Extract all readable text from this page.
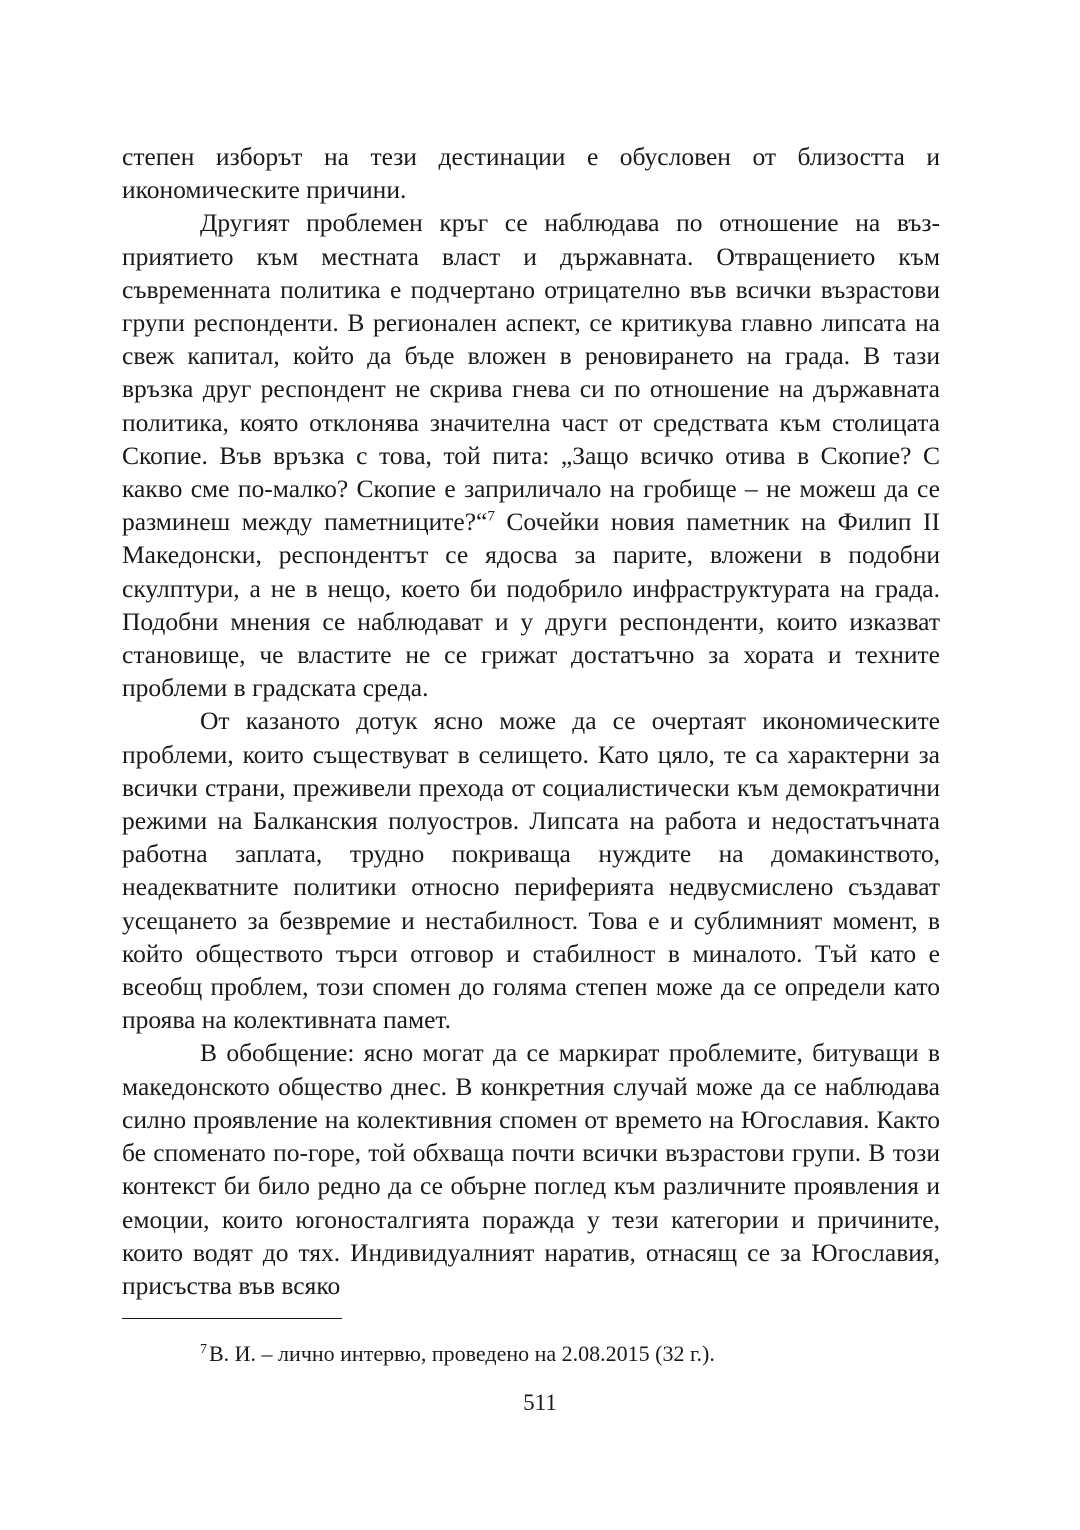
степен изборът на тези дестинации е обусловен от близостта и икономическите причини.

Другият проблемен кръг се наблюдава по отношение на възприятието към местната власт и държавната. Отвращението към съвременната политика е подчертано отрицателно във всички възрастови групи респонденти. В регионален аспект, се критикува главно липсата на свеж капитал, който да бъде вложен в реновирането на града. В тази връзка друг респондент не скрива гнева си по отношение на държавната политика, която отклонява значителна част от средствата към столицата Скопие. Във връзка с това, той пита: „Защо всичко отива в Скопие? С какво сме по-малко? Скопие е заприличало на гробище – не можеш да се разминеш между паметниците?“$^7$ Сочейки новия паметник на Филип II Македонски, респондентът се ядосва за парите, вложени в подобни скулптури, а не в нещо, което би подобрило инфраструктурата на града. Подобни мнения се наблюдават и у други респонденти, които изказват становище, че властите не се грижат достатъчно за хората и техните проблеми в градската среда.

От казаното дотук ясно може да се очертаят икономическите проблеми, които съществуват в селището. Като цяло, те са характерни за всички страни, преживели прехода от социалистически към демократични режими на Балканския полуостров. Липсата на работа и недостатъчната работна заплата, трудно покриваща нуждите на домакинството, неадекватните политики относно периферията недвусмислено създават усещането за безвремие и нестабилност. Това е и сублимният момент, в който обществото търси отговор и стабилност в миналото. Тъй като е всеобщ проблем, този спомен до голяма степен може да се определи като проява на колективната памет.

В обобщение: ясно могат да се маркират проблемите, битуващи в македонското общество днес. В конкретния случай може да се наблюдава силно проявление на колективния спомен от времето на Югославия. Както бе споменато по-горе, той обхваща почти всички възрастови групи. В този контекст би било редно да се обърне поглед към различните проявления и емоции, които югоносталгията поражда у тези категории и причините, които водят до тях. Индивидуалният наратив, отнасящ се за Югославия, присъства във всяко

$^7$В. И. – лично интервю, проведено на 2.08.2015 (32 г.).
511
